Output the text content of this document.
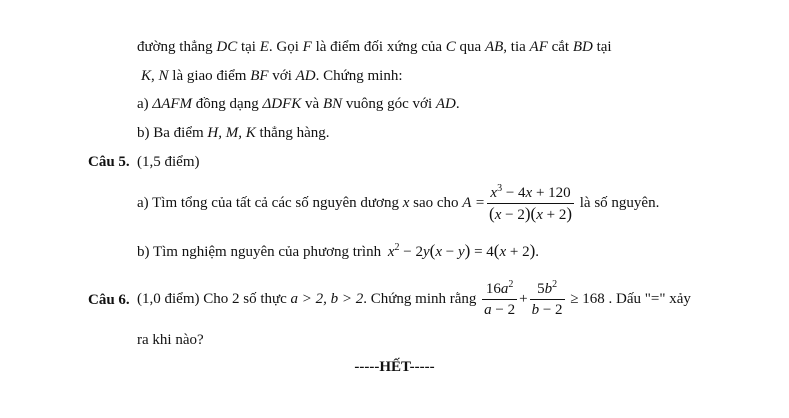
đường thẳng DC tại E. Gọi F là điểm đối xứng của C qua AB, tia AF cắt BD tại
K, N là giao điểm BF với AD. Chứng minh:
a) ΔAFM đồng dạng ΔDFK và BN vuông góc với AD.
b) Ba điểm H, M, K thẳng hàng.
Câu 5. (1,5 điểm)
a) Tìm tổng của tất cả các số nguyên dương x sao cho $A = \frac{x^3 - 4x + 120}{(x - 2)(x + 2)}$ là số nguyên.
b) Tìm nghiệm nguyên của phương trình $x^2 - 2y(x - y) = 4(x + 2)$.
Câu 6. (1,0 điểm) Cho 2 số thực a > 2, b > 2. Chứng minh rằng $\frac{16a^2}{a - 2} + \frac{5b^2}{b - 2} \ge 168$ . Dấu "=" xảy
ra khi nào?
-----HẾT-----
